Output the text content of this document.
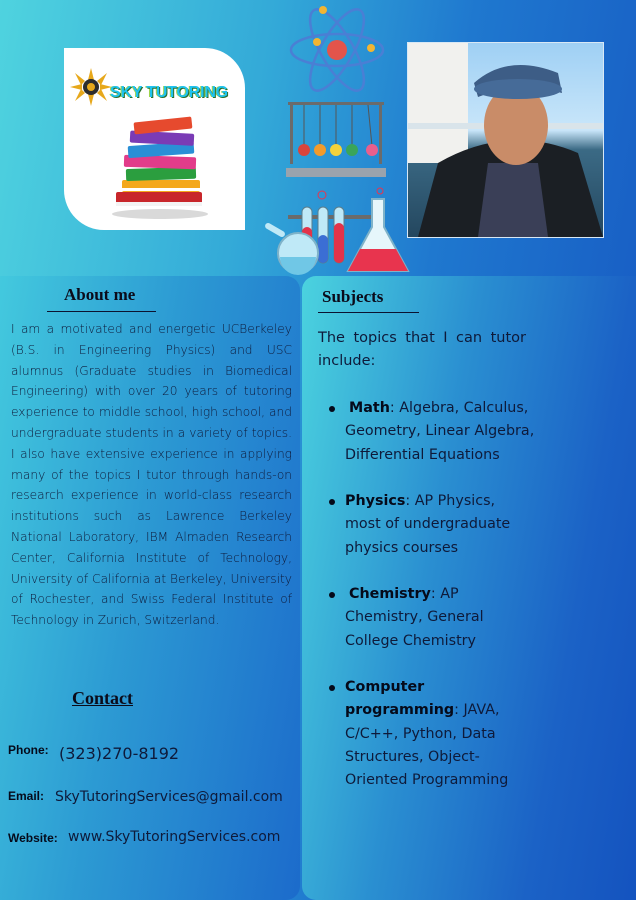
SKY TUTORING
About me
I am a motivated and energetic UCBerkeley (B.S. in Engineering Physics) and USC alumnus (Graduate studies in Biomedical Engineering) with over 20 years of tutoring experience to middle school, high school, and undergraduate students in a variety of topics. I also have extensive experience in applying many of the topics I tutor through hands-on research experience in world-class research institutions such as Lawrence Berkeley National Laboratory, IBM Almaden Research Center, California Institute of Technology, University of California at Berkeley, University of Rochester, and Swiss Federal Institute of Technology in Zurich, Switzerland.
Contact
Phone: (323)270-8192
Email: SkyTutoringServices@gmail.com
Website: www.SkyTutoringServices.com
Subjects
The topics that I can tutor include:
Math: Algebra, Calculus, Geometry, Linear Algebra, Differential Equations
Physics: AP Physics, most of undergraduate physics courses
Chemistry: AP Chemistry, General College Chemistry
Computer programming: JAVA, C/C++, Python, Data Structures, Object-Oriented Programming
